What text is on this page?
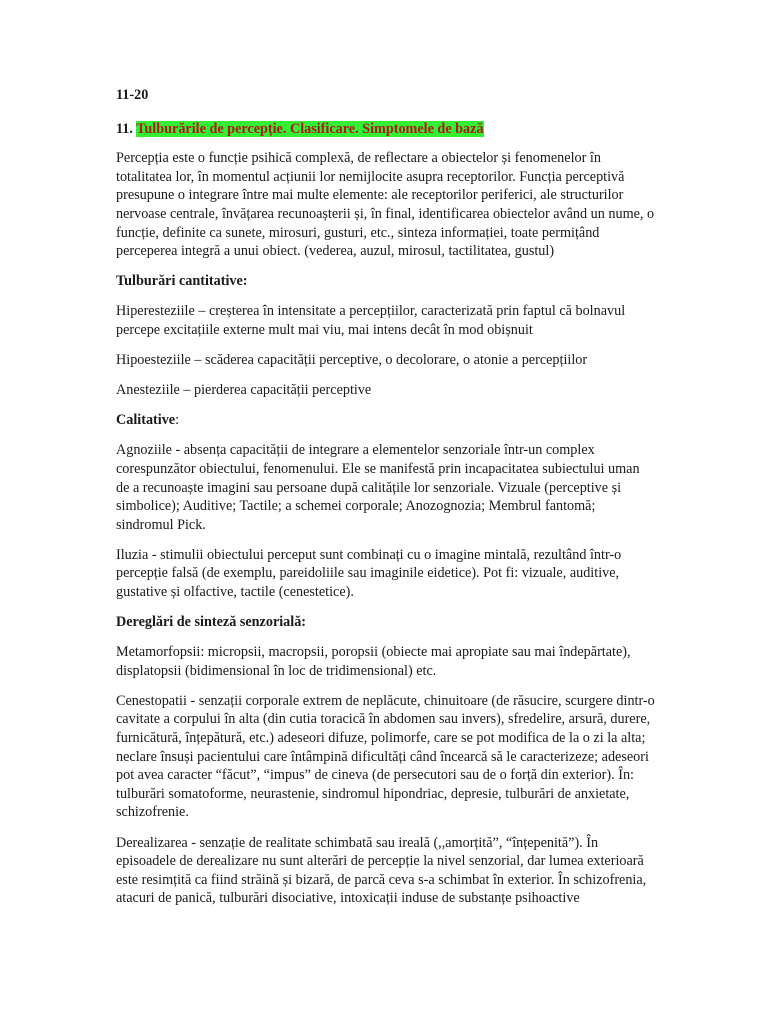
11-20

11. Tulburările de percepție. Clasificare. Simptomele de bază

Percepția este o funcție psihică complexă, de reflectare a obiectelor și fenomenelor în totalitatea lor, în momentul acțiunii lor nemijlocite asupra receptorilor. Funcția perceptivă presupune o integrare între mai multe elemente: ale receptorilor periferici, ale structurilor nervoase centrale, învățarea recunoașterii și, în final, identificarea obiectelor având un nume, o funcție, definite ca sunete, mirosuri, gusturi, etc., sinteza informației, toate permițând perceperea integră a unui obiect. (vederea, auzul, mirosul, tactilitatea, gustul)

Tulburări cantitative:

Hiperesteziile – creșterea în intensitate a percepțiilor, caracterizată prin faptul că bolnavul percepe excitațiile externe mult mai viu, mai intens decât în mod obișnuit

Hipoesteziile – scăderea capacității perceptive, o decolorare, o atonie a percepțiilor

Anesteziile – pierderea capacității perceptive

Calitative:

Agnoziile - absența capacității de integrare a elementelor senzoriale într-un complex corespunzător obiectului, fenomenului. Ele se manifestă prin incapacitatea subiectului uman de a recunoaște imagini sau persoane după calitățile lor senzoriale. Vizuale (perceptive și simbolice); Auditive; Tactile; a schemei corporale; Anozognozia; Membrul fantomă; sindromul Pick.

Iluzia - stimulii obiectului perceput sunt combinați cu o imagine mintală, rezultând într-o percepție falsă (de exemplu, pareidoliile sau imaginile eidetice). Pot fi: vizuale, auditive, gustative și olfactive, tactile (cenestetice).

Dereglări de sinteză senzorială:

Metamorfopsii: micropsii, macropsii, poropsii (obiecte mai apropiate sau mai îndepărtate), displatopsii (bidimensional în loc de tridimensional) etc.

Cenestopatii - senzații corporale extrem de neplăcute, chinuitoare (de răsucire, scurgere dintr-o cavitate a corpului în alta (din cutia toracică în abdomen sau invers), sfredelire, arsură, durere, furnicătură, înțepătură, etc.) adeseori difuze, polimorfe, care se pot modifica de la o zi la alta; neclare însuși pacientului care întâmpină dificultăți când încearcă să le caracterizeze; adeseori pot avea caracter “făcut”, “impus” de cineva (de persecutori sau de o forță din exterior). În: tulburări somatoforme, neurastenie, sindromul hipondriac, depresie, tulburări de anxietate, schizofrenie.

Derealizarea - senzație de realitate schimbată sau ireală (,,amorțită”, “înțepenită”). În episoadele de derealizare nu sunt alterări de percepție la nivel senzorial, dar lumea exterioară este resimțită ca fiind străină și bizară, de parcă ceva s-a schimbat în exterior. În schizofrenia, atacuri de panică, tulburări disociative, intoxicații induse de substanțe psihoactive
